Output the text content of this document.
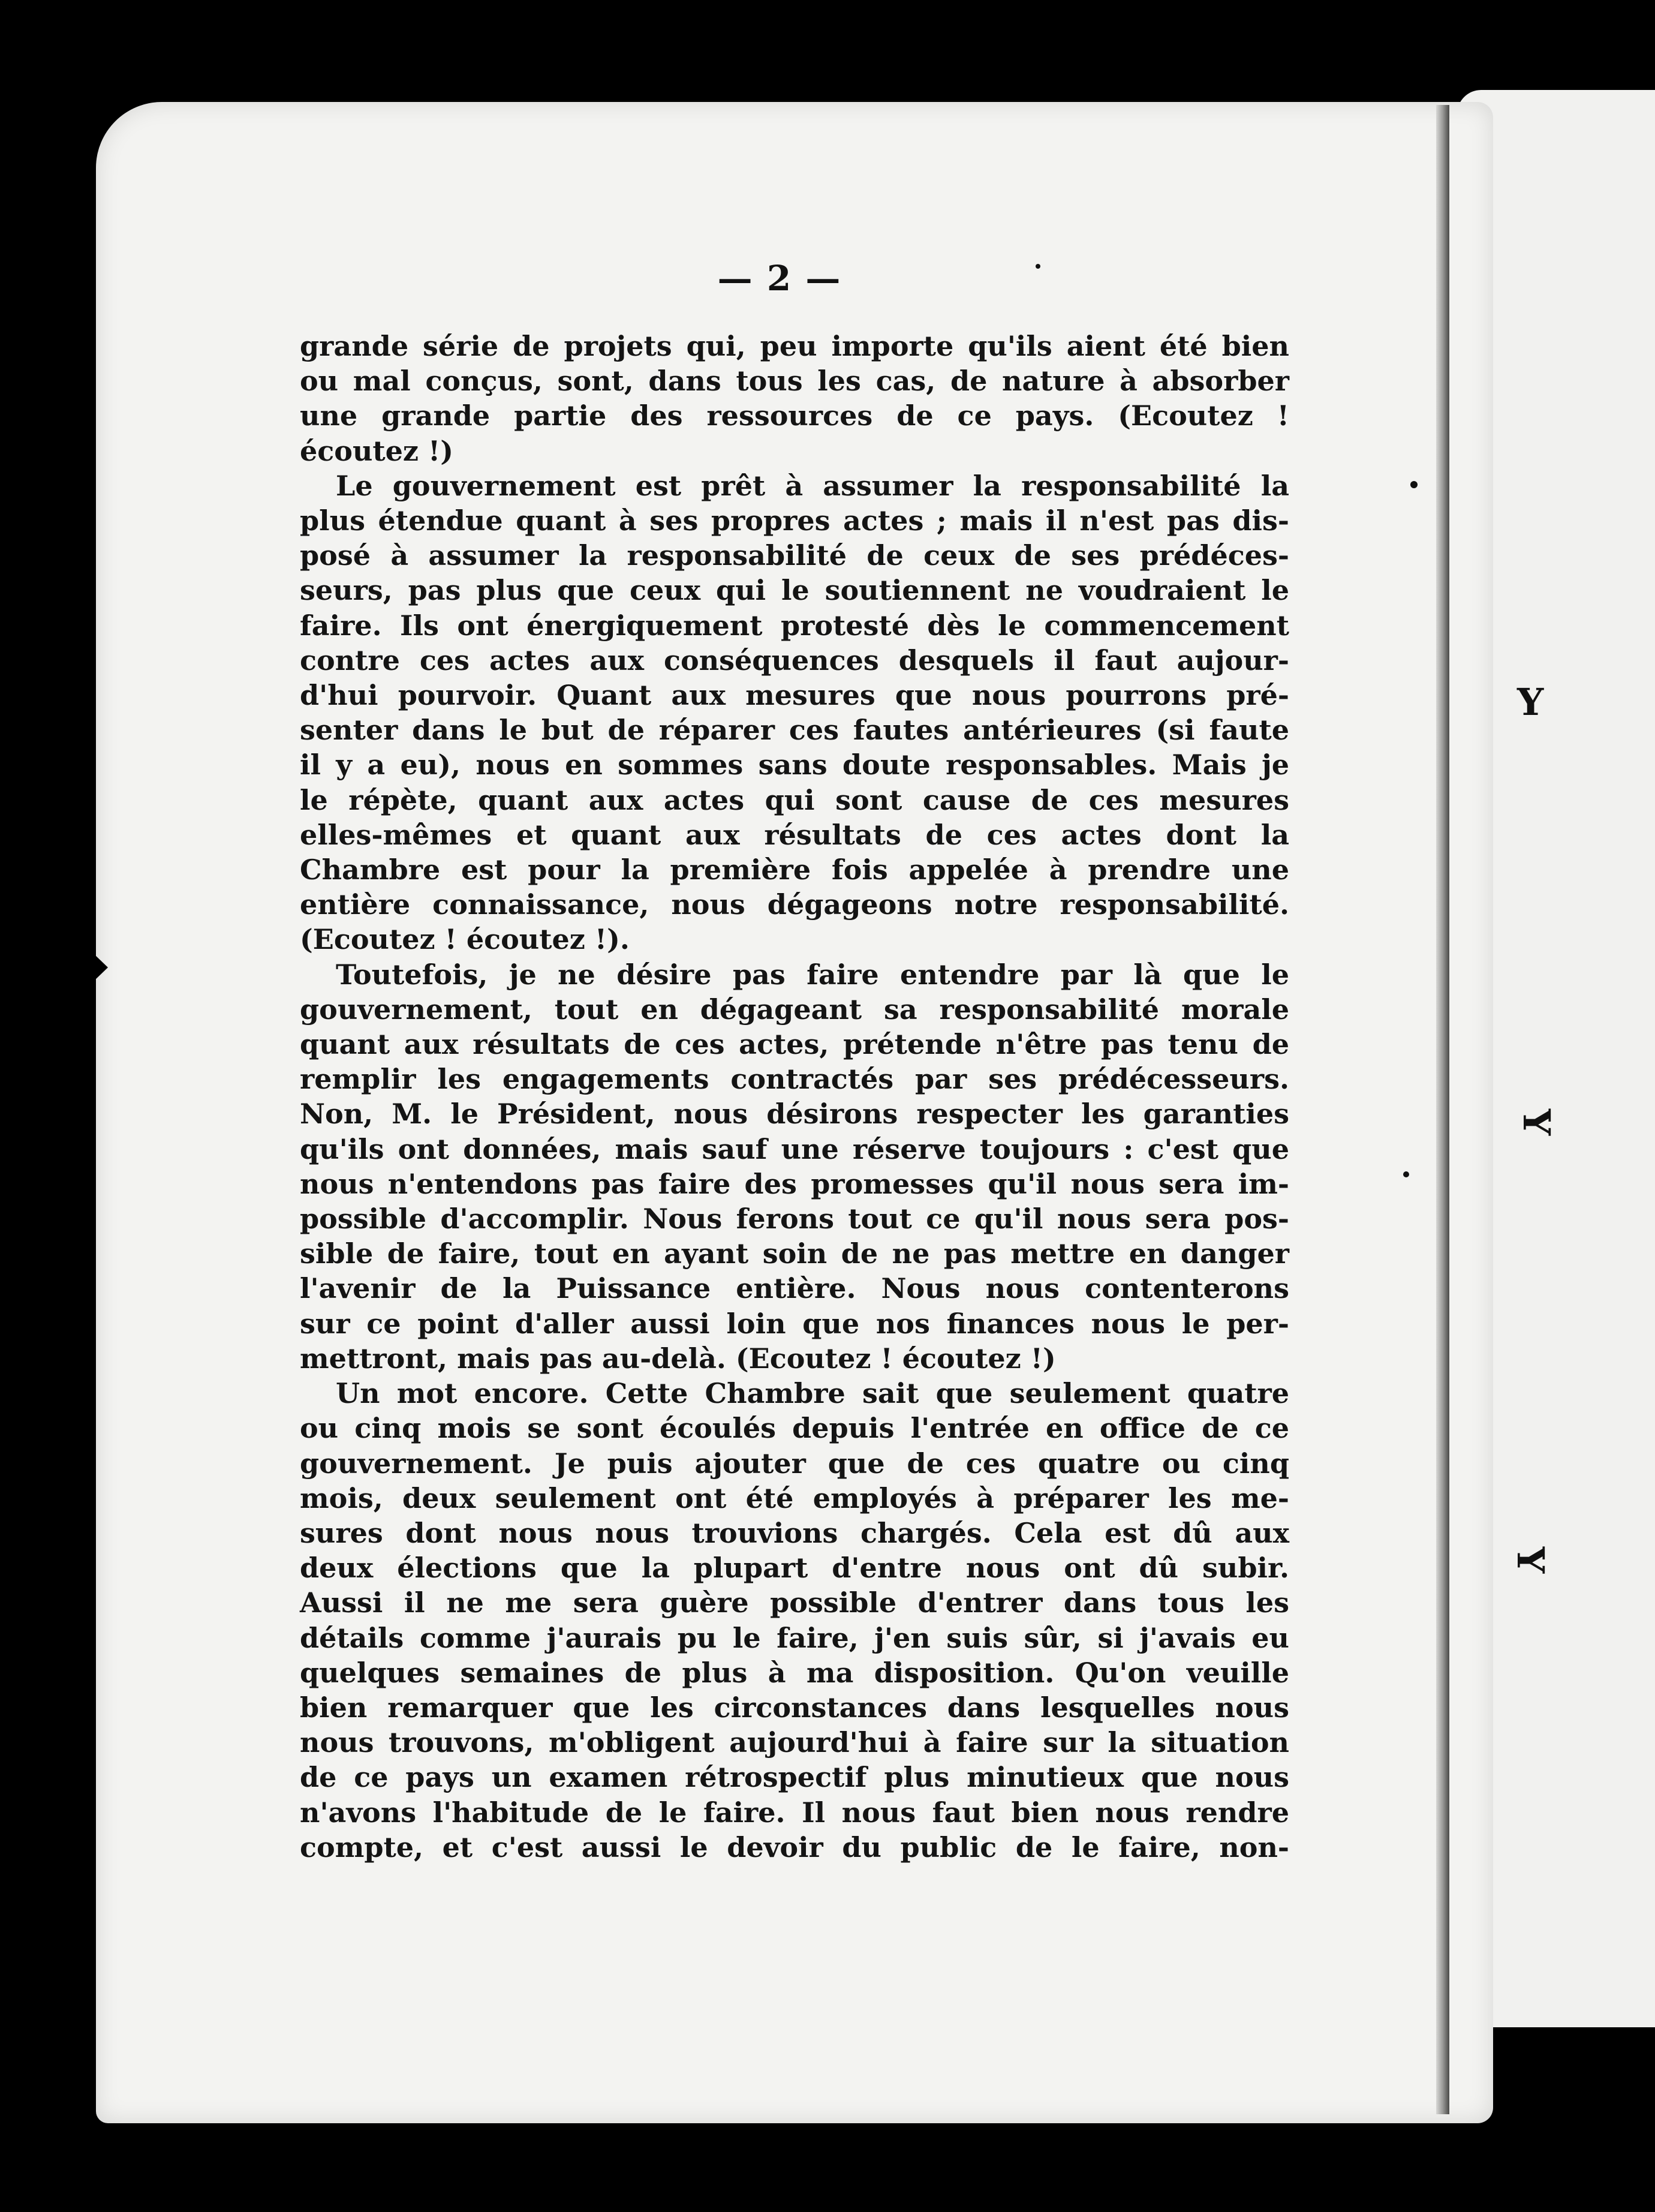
Y
Y
Y
— 2 —
grande série de projets qui, peu importe qu'ils aient été bien
ou mal conçus, sont, dans tous les cas, de nature à absorber
une grande partie des ressources de ce pays. (Ecoutez !
écoutez !)
Le gouvernement est prêt à assumer la responsabilité la
plus étendue quant à ses propres actes ; mais il n'est pas dis-
posé à assumer la responsabilité de ceux de ses prédéces-
seurs, pas plus que ceux qui le soutiennent ne voudraient le
faire. Ils ont énergiquement protesté dès le commencement
contre ces actes aux conséquences desquels il faut aujour-
d'hui pourvoir. Quant aux mesures que nous pourrons pré-
senter dans le but de réparer ces fautes antérieures (si faute
il y a eu), nous en sommes sans doute responsables. Mais je
le répète, quant aux actes qui sont cause de ces mesures
elles-mêmes et quant aux résultats de ces actes dont la
Chambre est pour la première fois appelée à prendre une
entière connaissance, nous dégageons notre responsabilité.
(Ecoutez ! écoutez !).
Toutefois, je ne désire pas faire entendre par là que le
gouvernement, tout en dégageant sa responsabilité morale
quant aux résultats de ces actes, prétende n'être pas tenu de
remplir les engagements contractés par ses prédécesseurs.
Non, M. le Président, nous désirons respecter les garanties
qu'ils ont données, mais sauf une réserve toujours : c'est que
nous n'entendons pas faire des promesses qu'il nous sera im-
possible d'accomplir. Nous ferons tout ce qu'il nous sera pos-
sible de faire, tout en ayant soin de ne pas mettre en danger
l'avenir de la Puissance entière. Nous nous contenterons
sur ce point d'aller aussi loin que nos finances nous le per-
mettront, mais pas au-delà. (Ecoutez ! écoutez !)
Un mot encore. Cette Chambre sait que seulement quatre
ou cinq mois se sont écoulés depuis l'entrée en office de ce
gouvernement. Je puis ajouter que de ces quatre ou cinq
mois, deux seulement ont été employés à préparer les me-
sures dont nous nous trouvions chargés. Cela est dû aux
deux élections que la plupart d'entre nous ont dû subir.
Aussi il ne me sera guère possible d'entrer dans tous les
détails comme j'aurais pu le faire, j'en suis sûr, si j'avais eu
quelques semaines de plus à ma disposition. Qu'on veuille
bien remarquer que les circonstances dans lesquelles nous
nous trouvons, m'obligent aujourd'hui à faire sur la situation
de ce pays un examen rétrospectif plus minutieux que nous
n'avons l'habitude de le faire. Il nous faut bien nous rendre
compte, et c'est aussi le devoir du public de le faire, non-
